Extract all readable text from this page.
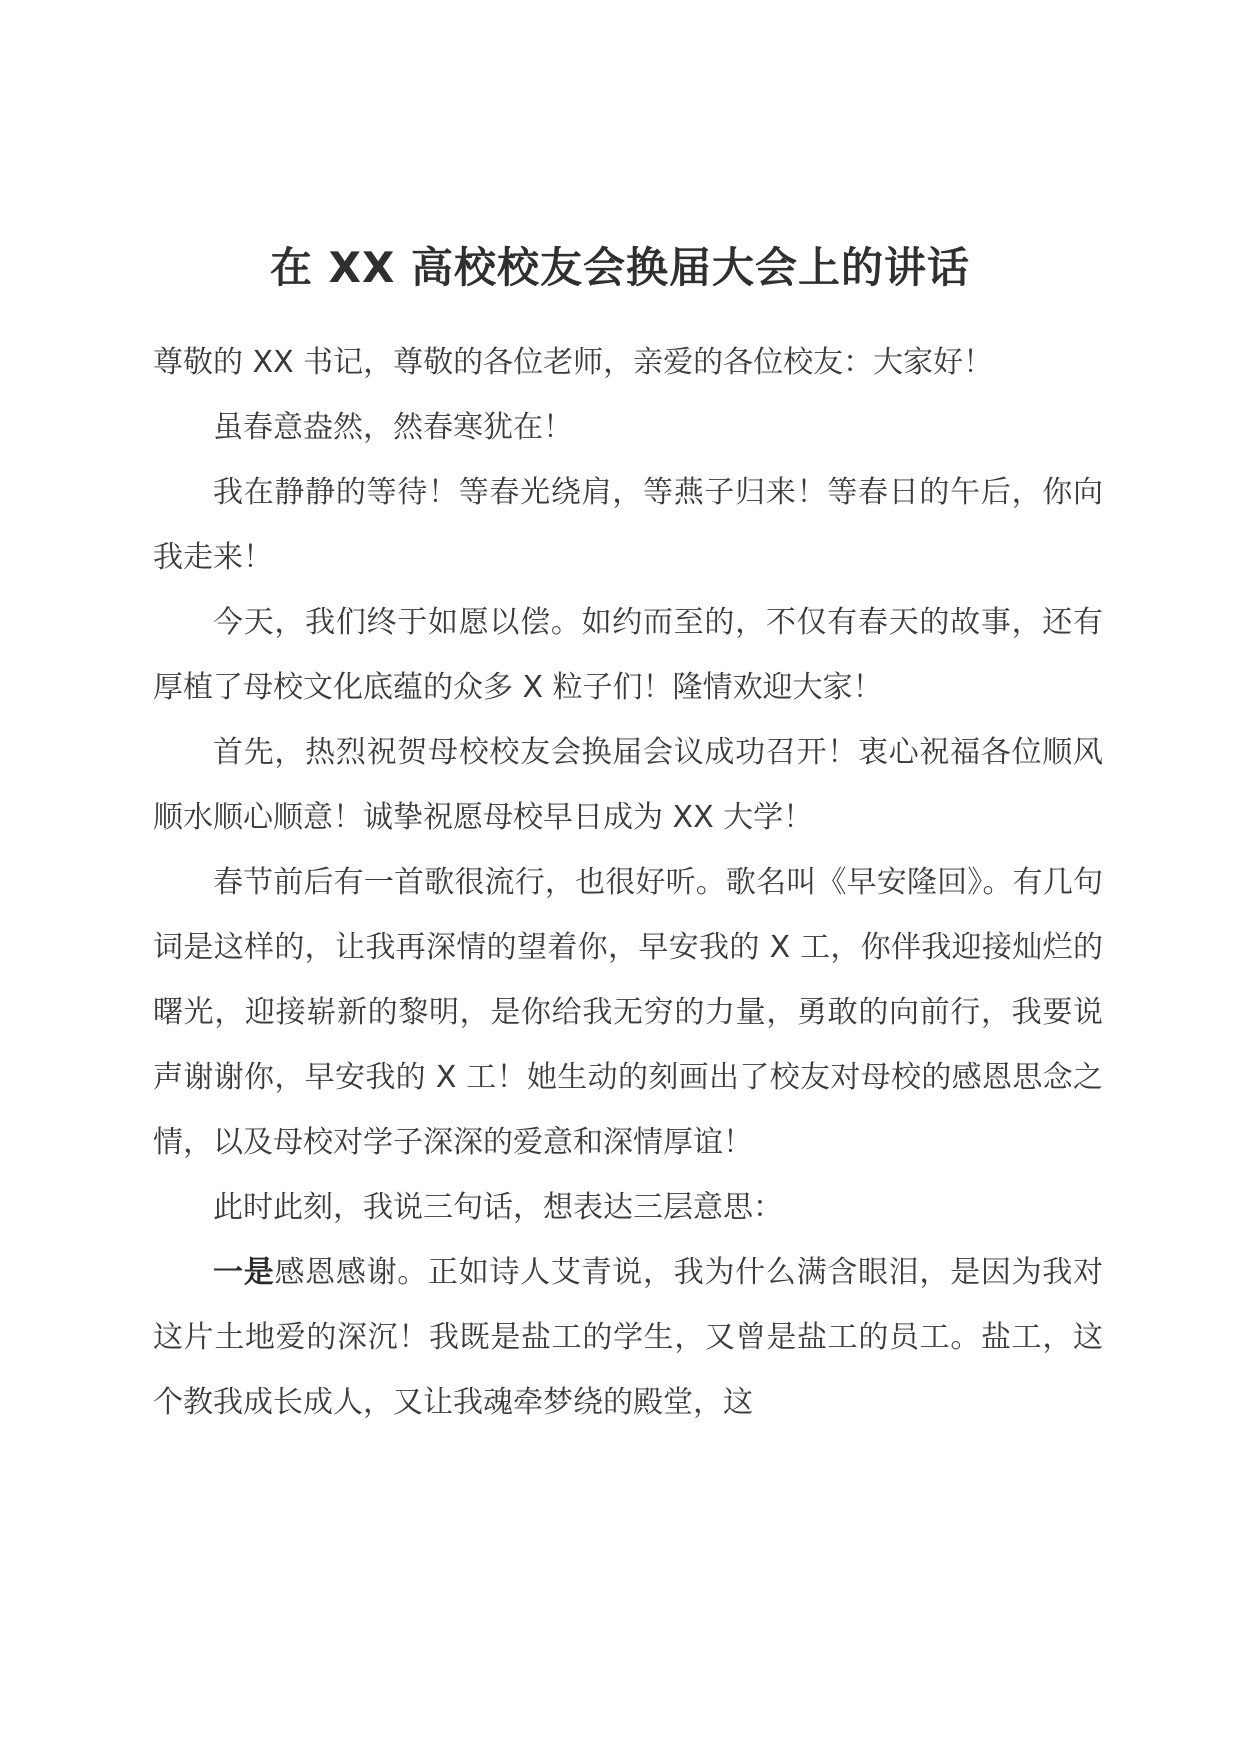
在 XX 高校校友会换届大会上的讲话

尊敬的 XX 书记，尊敬的各位老师，亲爱的各位校友：大家好！

虽春意盎然，然春寒犹在！

我在静静的等待！等春光绕肩，等燕子归来！等春日的午后，你向我走来！

今天，我们终于如愿以偿。如约而至的，不仅有春天的故事，还有厚植了母校文化底蕴的众多 X 粒子们！隆情欢迎大家！

首先，热烈祝贺母校校友会换届会议成功召开！衷心祝福各位顺风顺水顺心顺意！诚挚祝愿母校早日成为 XX 大学！

春节前后有一首歌很流行，也很好听。歌名叫《早安隆回》。有几句词是这样的，让我再深情的望着你，早安我的 X 工，你伴我迎接灿烂的曙光，迎接崭新的黎明，是你给我无穷的力量，勇敢的向前行，我要说声谢谢你，早安我的 X 工！她生动的刻画出了校友对母校的感恩思念之情，以及母校对学子深深的爱意和深情厚谊！

此时此刻，我说三句话，想表达三层意思：

一是感恩感谢。正如诗人艾青说，我为什么满含眼泪，是因为我对这片土地爱的深沉！我既是盐工的学生，又曾是盐工的员工。盐工，这个教我成长成人，又让我魂牵梦绕的殿堂，这
